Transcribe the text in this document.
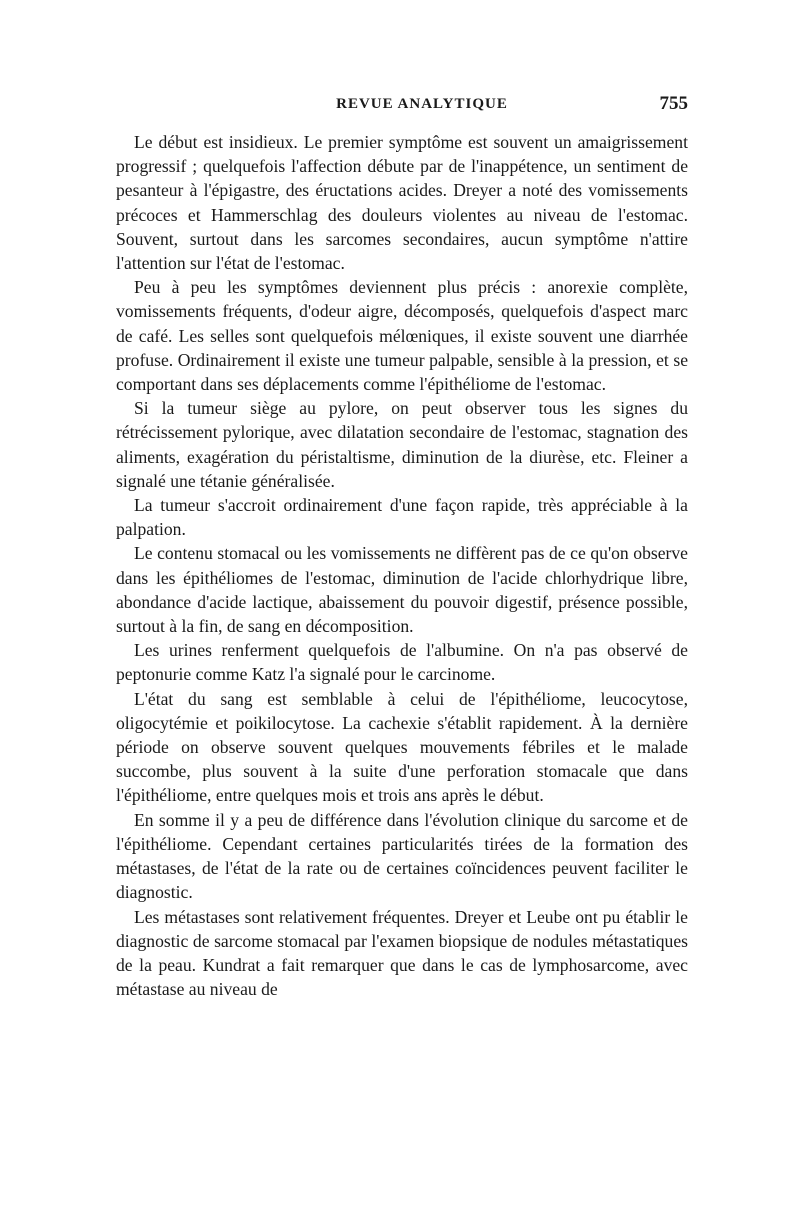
REVUE ANALYTIQUE	755

Le début est insidieux. Le premier symptôme est souvent un amaigrissement progressif ; quelquefois l'affection débute par de l'inappétence, un sentiment de pesanteur à l'épigastre, des éructations acides. Dreyer a noté des vomissements précoces et Hammerschlag des douleurs violentes au niveau de l'estomac. Souvent, surtout dans les sarcomes secondaires, aucun symptôme n'attire l'attention sur l'état de l'estomac.

Peu à peu les symptômes deviennent plus précis : anorexie complète, vomissements fréquents, d'odeur aigre, décomposés, quelquefois d'aspect marc de café. Les selles sont quelquefois mélœniques, il existe souvent une diarrhée profuse. Ordinairement il existe une tumeur palpable, sensible à la pression, et se comportant dans ses déplacements comme l'épithéliome de l'estomac.

Si la tumeur siège au pylore, on peut observer tous les signes du rétrécissement pylorique, avec dilatation secondaire de l'estomac, stagnation des aliments, exagération du péristaltisme, diminution de la diurèse, etc. Fleiner a signalé une tétanie généralisée.

La tumeur s'accroit ordinairement d'une façon rapide, très appréciable à la palpation.

Le contenu stomacal ou les vomissements ne diffèrent pas de ce qu'on observe dans les épithéliomes de l'estomac, diminution de l'acide chlorhydrique libre, abondance d'acide lactique, abaissement du pouvoir digestif, présence possible, surtout à la fin, de sang en décomposition.

Les urines renferment quelquefois de l'albumine. On n'a pas observé de peptonurie comme Katz l'a signalé pour le carcinome.

L'état du sang est semblable à celui de l'épithéliome, leucocytose, oligocytémie et poikilocytose. La cachexie s'établit rapidement. À la dernière période on observe souvent quelques mouvements fébriles et le malade succombe, plus souvent à la suite d'une perforation stomacale que dans l'épithéliome, entre quelques mois et trois ans après le début.

En somme il y a peu de différence dans l'évolution clinique du sarcome et de l'épithéliome. Cependant certaines particularités tirées de la formation des métastases, de l'état de la rate ou de certaines coïncidences peuvent faciliter le diagnostic.

Les métastases sont relativement fréquentes. Dreyer et Leube ont pu établir le diagnostic de sarcome stomacal par l'examen biopsique de nodules métastatiques de la peau. Kundrat a fait remarquer que dans le cas de lymphosarcome, avec métastase au niveau de
